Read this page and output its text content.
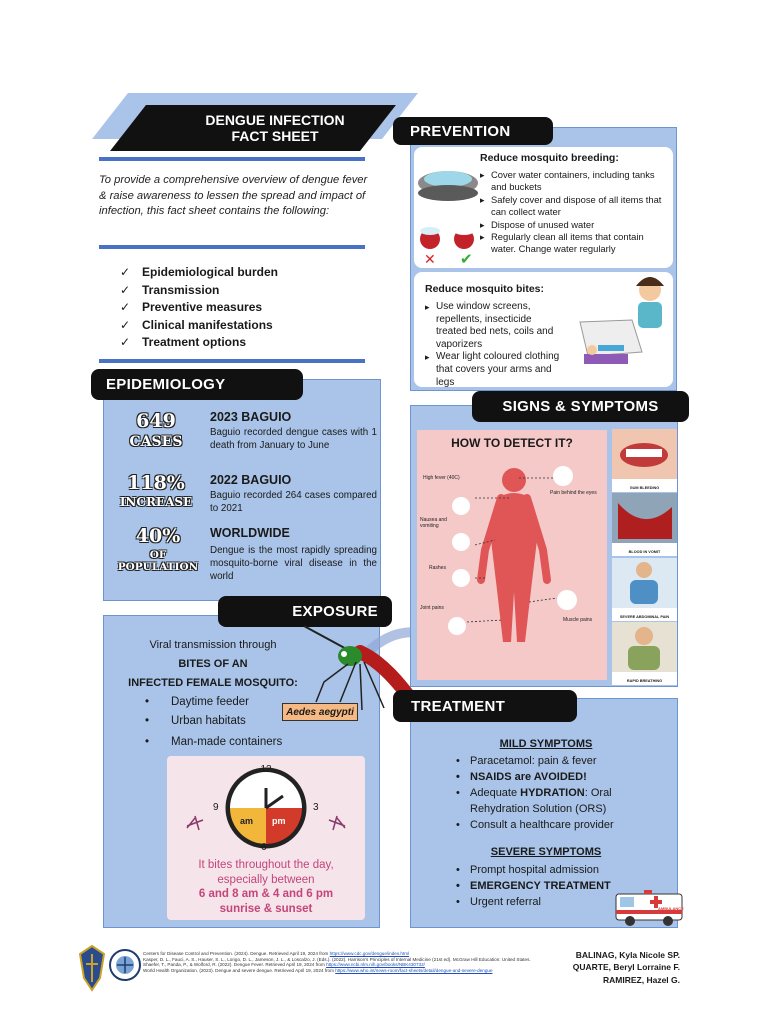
DENGUE INFECTION
FACT SHEET
To provide a comprehensive overview of dengue fever & raise awareness to lessen the spread and impact of infection, this fact sheet contains the following:
✓ Epidemiological burden
✓ Transmission
✓ Preventive measures
✓ Clinical manifestations
✓ Treatment options
EPIDEMIOLOGY
649
CASES
2023 BAGUIO
Baguio recorded dengue cases with 1 death from January to June
118%
INCREASE
2022 BAGUIO
Baguio recorded 264 cases compared to 2021
40%
OF
POPULATION
WORLDWIDE
Dengue is the most rapidly spreading mosquito-borne viral disease in the world
EXPOSURE
Viral transmission through
BITES OF AN
INFECTED FEMALE MOSQUITO:
• Daytime feeder
• Urban habitats
• Man-made containers
Aedes aegypti
12
3
6
9
am pm
It bites throughout the day,
especially between
6 and 8 am & 4 and 6 pm
sunrise & sunset
PREVENTION
✕ ✔
Reduce mosquito breeding:
▸ Cover water containers, including tanks and buckets
▸ Safely cover and dispose of all items that can collect water
▸ Dispose of unused water
▸ Regularly clean all items that contain water. Change water regularly
Reduce mosquito bites:
▸ Use window screens, repellents, insecticide treated bed nets, coils and vaporizers
▸ Wear light coloured clothing that covers your arms and legs
SIGNS & SYMPTOMS
HOW TO DETECT IT?
High fever (40C)
Pain behind the eyes
Nausea and vomiting
Rashes
Joint pains
Muscle pains
GUM BLEEDING
BLOOD IN VOMIT
SEVERE ABDOMINAL PAIN
RAPID BREATHING
TREATMENT
MILD SYMPTOMS
• Paracetamol: pain & fever
• NSAIDS are AVOIDED!
• Adequate HYDRATION: Oral Rehydration Solution (ORS)
• Consult a healthcare provider
SEVERE SYMPTOMS
• Prompt hospital admission
• EMERGENCY TREATMENT
• Urgent referral
AMBULANCE
Centers for Disease Control and Prevention. (2024). Dengue. Retrieved April 19, 2024 from https://www.cdc.gov/dengue/index.html
Kasper, D. L., Fauci, A. S., Hauser, S. L., Longo, D. L., Jameson, J. L., & Loscalzo, J. (Eds.). (2022). Harrison's Principles of Internal Medicine (21st ed). McGraw Hill Education: United States.
Shaefer, T., Panda, P., & Wolford, R. (2022). Dengue Fever. Retrieved April 19, 2024 from https://www.ncbi.nlm.nih.gov/books/NBK430732/
World Health Organization. (2023). Dengue and severe dengue. Retrieved April 19, 2024 from https://www.who.int/news-room/fact-sheets/detail/dengue-and-severe-dengue
BALINAG, Kyla Nicole SP.
QUARTE, Beryl Lorraine F.
RAMIREZ, Hazel G.
